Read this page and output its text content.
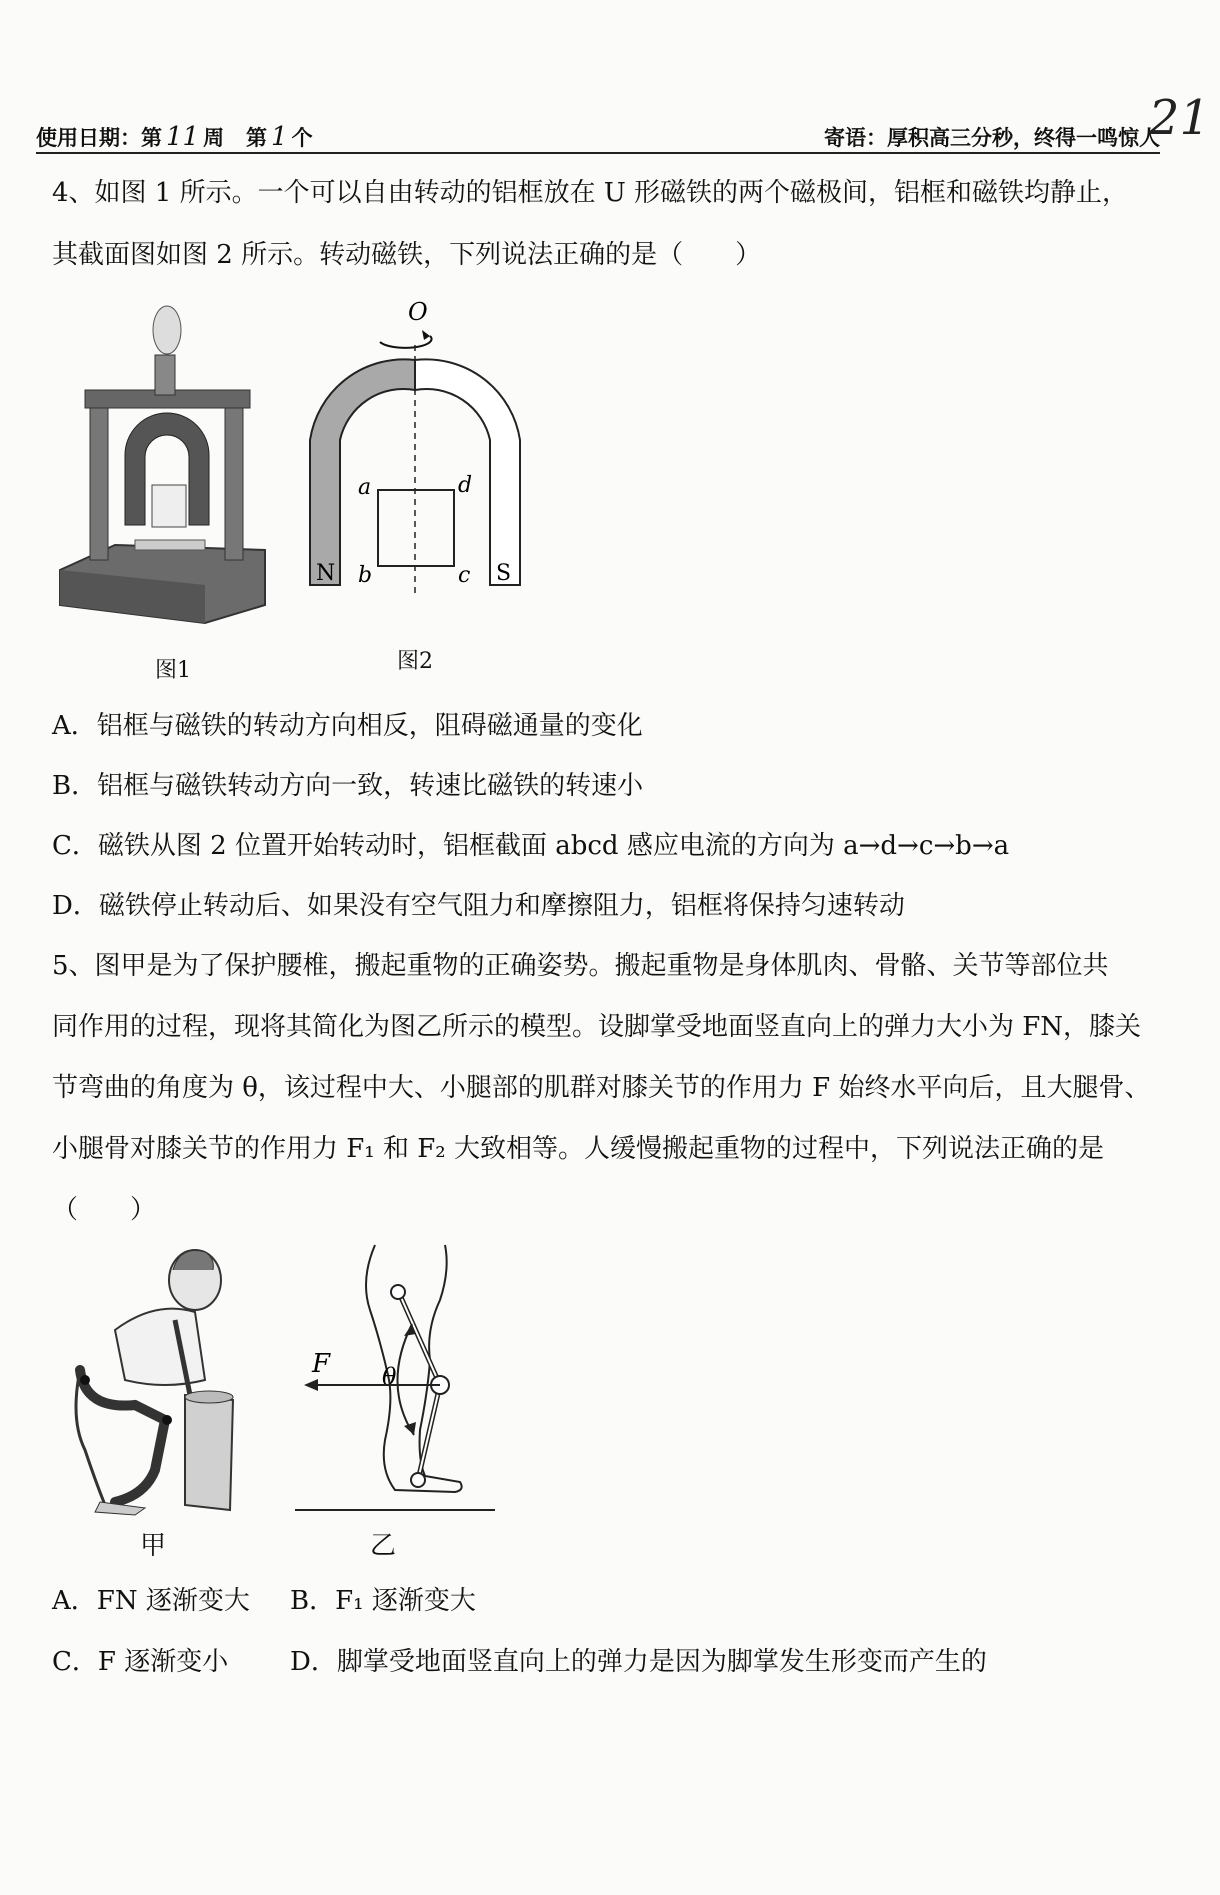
使用日期：第 11 周 第 1 个	寄语：厚积高三分秒，终得一鸣惊人
21
4、如图 1 所示。一个可以自由转动的铝框放在 U 形磁铁的两个磁极间，铝框和磁铁均静止，
其截面图如图 2 所示。转动磁铁，下列说法正确的是（　　）
图1
O
a	d
b	c
N	S
图2
A．铝框与磁铁的转动方向相反，阻碍磁通量的变化
B．铝框与磁铁转动方向一致，转速比磁铁的转速小
C．磁铁从图 2 位置开始转动时，铝框截面 abcd 感应电流的方向为 a→d→c→b→a
D．磁铁停止转动后、如果没有空气阻力和摩擦阻力，铝框将保持匀速转动
5、图甲是为了保护腰椎，搬起重物的正确姿势。搬起重物是身体肌肉、骨骼、关节等部位共
同作用的过程，现将其简化为图乙所示的模型。设脚掌受地面竖直向上的弹力大小为 FN，膝关
节弯曲的角度为 θ，该过程中大、小腿部的肌群对膝关节的作用力 F 始终水平向后，且大腿骨、
小腿骨对膝关节的作用力 F₁ 和 F₂ 大致相等。人缓慢搬起重物的过程中，下列说法正确的是
（　　）
甲
θ
F
乙
A．FN 逐渐变大 B．F₁ 逐渐变大
C．F 逐渐变小 D．脚掌受地面竖直向上的弹力是因为脚掌发生形变而产生的
